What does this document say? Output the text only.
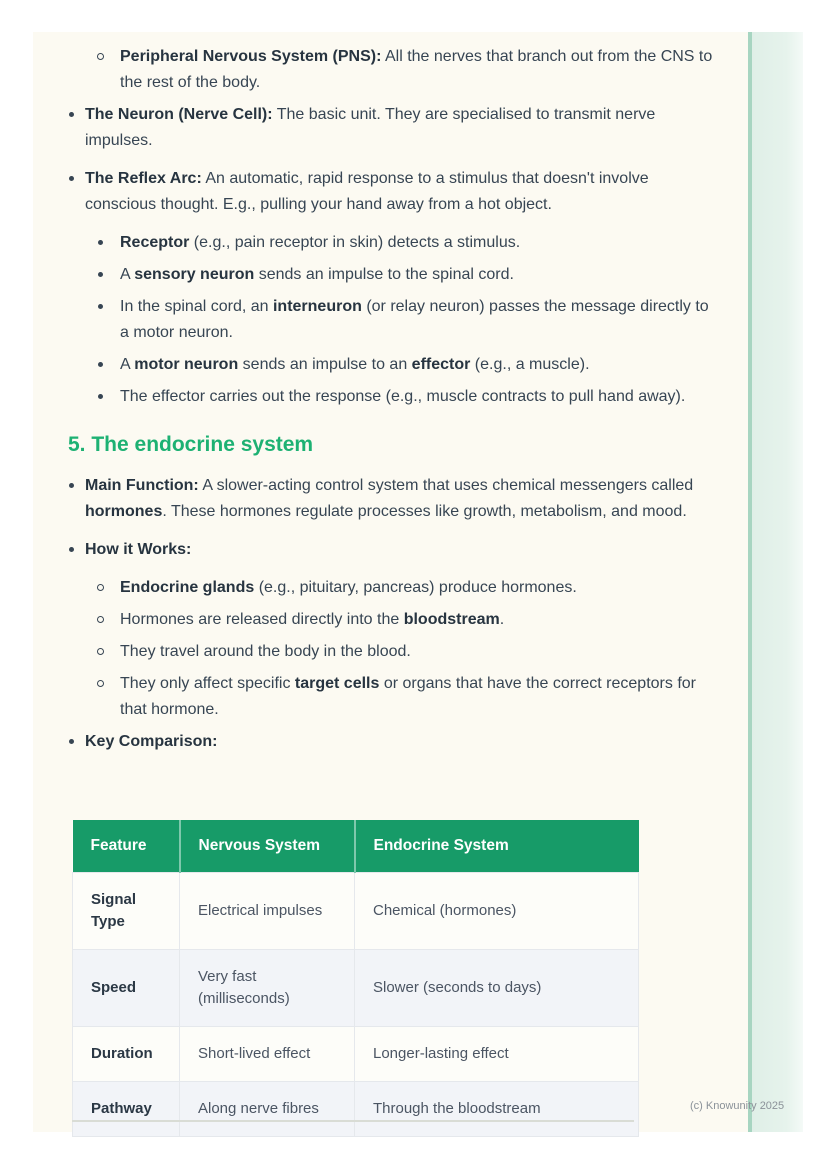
Peripheral Nervous System (PNS): All the nerves that branch out from the CNS to the rest of the body.
The Neuron (Nerve Cell): The basic unit. They are specialised to transmit nerve impulses.
The Reflex Arc: An automatic, rapid response to a stimulus that doesn't involve conscious thought. E.g., pulling your hand away from a hot object.
Receptor (e.g., pain receptor in skin) detects a stimulus.
A sensory neuron sends an impulse to the spinal cord.
In the spinal cord, an interneuron (or relay neuron) passes the message directly to a motor neuron.
A motor neuron sends an impulse to an effector (e.g., a muscle).
The effector carries out the response (e.g., muscle contracts to pull hand away).
5. The endocrine system
Main Function: A slower-acting control system that uses chemical messengers called hormones. These hormones regulate processes like growth, metabolism, and mood.
How it Works:
Endocrine glands (e.g., pituitary, pancreas) produce hormones.
Hormones are released directly into the bloodstream.
They travel around the body in the blood.
They only affect specific target cells or organs that have the correct receptors for that hormone.
Key Comparison:
Feature	Nervous System	Endocrine System
Signal Type	Electrical impulses	Chemical (hormones)
Speed	Very fast (milliseconds)	Slower (seconds to days)
Duration	Short-lived effect	Longer-lasting effect
Pathway	Along nerve fibres	Through the bloodstream	(c) Knowunity 2025
